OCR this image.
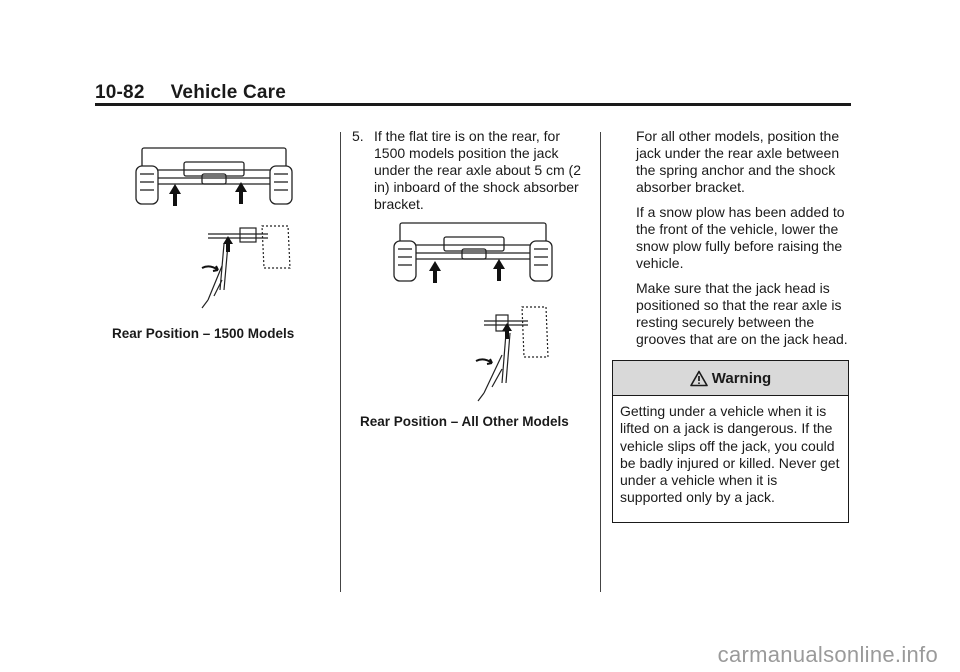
10-82 Vehicle Care
Rear Position – 1500 Models
5. If the flat tire is on the rear, for 1500 models position the jack under the rear axle about 5 cm (2 in) inboard of the shock absorber bracket.
Rear Position – All Other Models

For all other models, position the jack under the rear axle between the spring anchor and the shock absorber bracket.

If a snow plow has been added to the front of the vehicle, lower the snow plow fully before raising the vehicle.

Make sure that the jack head is positioned so that the rear axle is resting securely between the grooves that are on the jack head.

Warning
Getting under a vehicle when it is lifted on a jack is dangerous. If the vehicle slips off the jack, you could be badly injured or killed. Never get under a vehicle when it is supported only by a jack.
carmanualsonline.info
